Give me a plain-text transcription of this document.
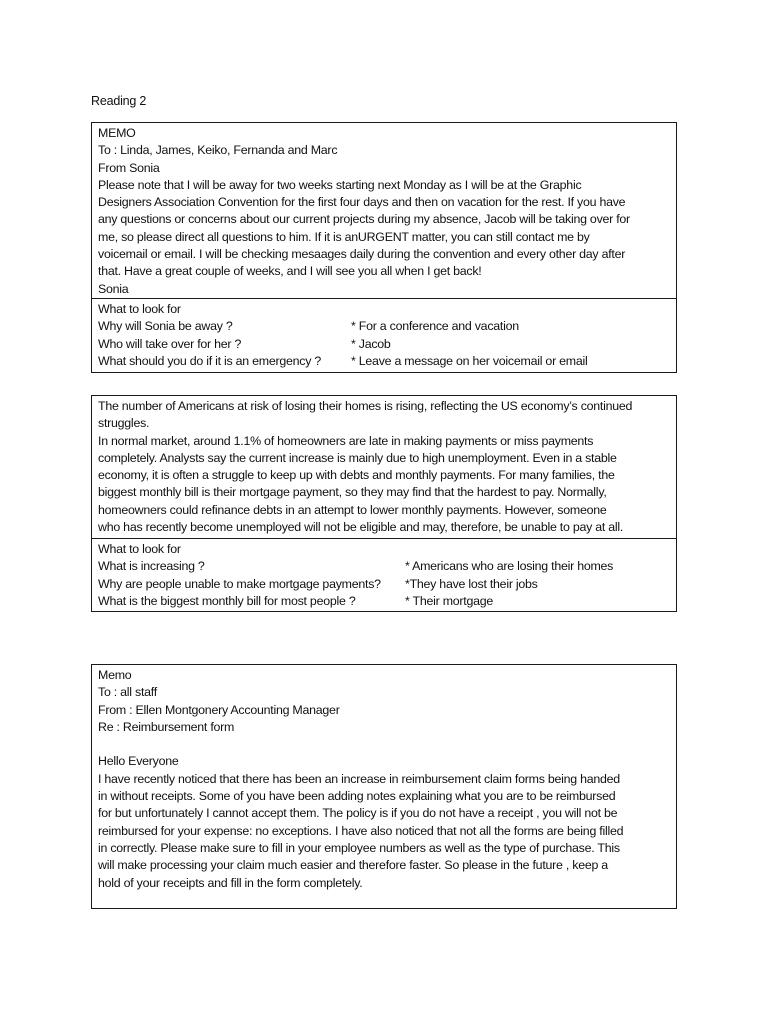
Reading 2

MEMO

To : Linda, James, Keiko, Fernanda and Marc

From Sonia

Please note that I will be away for two weeks starting next Monday as I will be at the Graphic

Designers Association Convention for the first four days and then on vacation for the rest. If you have

any questions or concerns about our current projects during my absence, Jacob will be taking over for

me, so please direct all questions to him. If it is anURGENT matter, you can still contact me by

voicemail or email. I will be checking mesaages daily during the convention and every other day after

that. Have a great couple of weeks, and I will see you all when I get back!

Sonia

What to look for

Why will Sonia be away ?	* For a conference and vacation
Who will take over for her ?	* Jacob
What should you do if it is an emergency ?	* Leave a message on her voicemail or email

The number of Americans at risk of losing their homes is rising, reflecting the US economy’s continued

struggles.

In normal market, around 1.1% of homeowners are late in making payments or miss payments

completely. Analysts say the current increase is mainly due to high unemployment. Even in a stable

economy, it is often a struggle to keep up with debts and monthly payments. For many families, the

biggest monthly bill is their mortgage payment, so they may find that the hardest to pay. Normally,

homeowners could refinance debts in an attempt to lower monthly payments. However, someone

who has recently become unemployed will not be eligible and may, therefore, be unable to pay at all.

What to look for

What is increasing ?	* Americans who are losing their homes
Why are people unable to make mortgage payments?	*They have lost their jobs
What is the biggest monthly bill for most people ?	* Their mortgage

Memo

To : all staff

From : Ellen Montgonery Accounting Manager

Re : Reimbursement form

Hello Everyone

I have recently noticed that there has been an increase in reimbursement claim forms being handed

in without receipts. Some of you have been adding notes explaining what you are to be reimbursed

for but unfortunately I cannot accept them. The policy is if you do not have a receipt , you will not be

reimbursed for your expense: no exceptions. I have also noticed that not all the forms are being filled

in correctly. Please make sure to fill in your employee numbers as well as the type of purchase. This

will make processing your claim much easier and therefore faster. So please in the future , keep a

hold of your receipts and fill in the form completely.
